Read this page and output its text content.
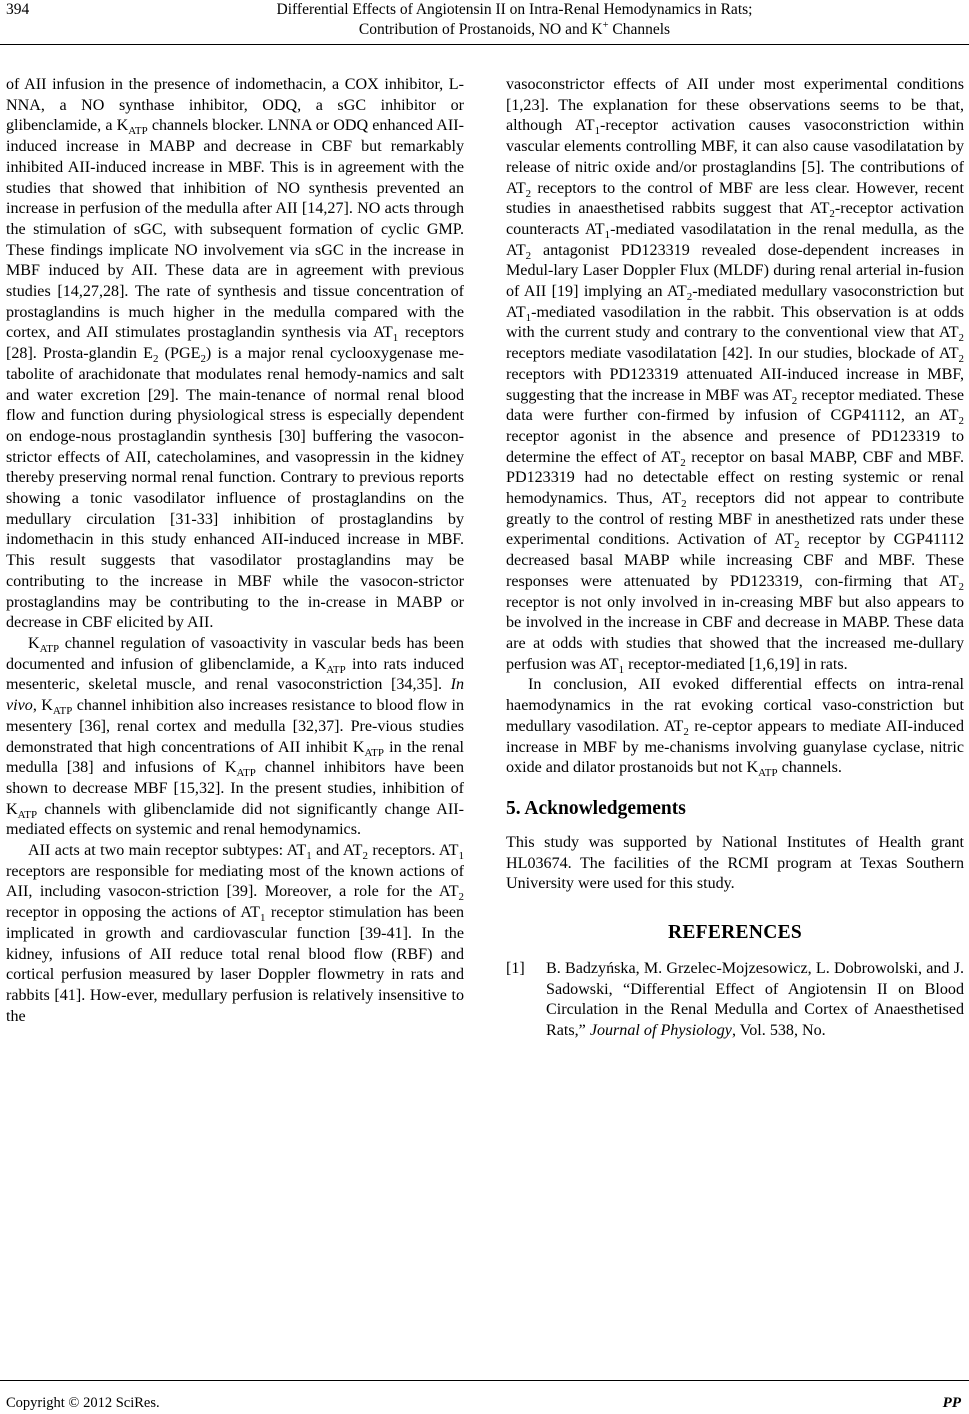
394	Differential Effects of Angiotensin II on Intra-Renal Hemodynamics in Rats;
Contribution of Prostanoids, NO and K+ Channels

of AII infusion in the presence of indomethacin, a COX inhibitor, L-NNA, a NO synthase inhibitor, ODQ, a sGC inhibitor or glibenclamide, a $K_{ATP}$ channels blocker. LNNA or ODQ enhanced AII-induced increase in MABP and decrease in CBF but remarkably inhibited AII-induced increase in MBF. This is in agreement with the studies that showed that inhibition of NO synthesis prevented an increase in perfusion of the medulla after AII [14,27]. NO acts through the stimulation of sGC, with subsequent formation of cyclic GMP. These findings implicate NO involvement via sGC in the increase in MBF induced by AII. These data are in agreement with previous studies [14,27,28]. The rate of synthesis and tissue concentration of prostaglandins is much higher in the medulla compared with the cortex, and AII stimulates prostaglandin synthesis via $AT_1$ receptors [28]. Prosta-glandin $E_2$ $(PGE_2)$ is a major renal cyclooxygenase me-tabolite of arachidonate that modulates renal hemody-namics and salt and water excretion [29]. The main-tenance of normal renal blood flow and function during physiological stress is especially dependent on endoge-nous prostaglandin synthesis [30] buffering the vasocon-strictor effects of AII, catecholamines, and vasopressin in the kidney thereby preserving normal renal function. Contrary to previous reports showing a tonic vasodilator influence of prostaglandins on the medullary circulation [31-33] inhibition of prostaglandins by indomethacin in this study enhanced AII-induced increase in MBF. This result suggests that vasodilator prostaglandins may be contributing to the increase in MBF while the vasocon-strictor prostaglandins may be contributing to the in-crease in MABP or decrease in CBF elicited by AII.

$K_{ATP}$ channel regulation of vasoactivity in vascular beds has been documented and infusion of glibenclamide, a $K_{ATP}$ into rats induced mesenteric, skeletal muscle, and renal vasoconstriction [34,35]. In vivo, $K_{ATP}$ channel inhibition also increases resistance to blood flow in mesentery [36], renal cortex and medulla [32,37]. Pre-vious studies demonstrated that high concentrations of AII inhibit $K_{ATP}$ in the renal medulla [38] and infusions of $K_{ATP}$ channel inhibitors have been shown to decrease MBF [15,32]. In the present studies, inhibition of $K_{ATP}$ channels with glibenclamide did not significantly change AII-mediated effects on systemic and renal hemodynamics.

AII acts at two main receptor subtypes: $AT_1$ and $AT_2$ receptors. $AT_1$ receptors are responsible for mediating most of the known actions of AII, including vasocon-striction [39]. Moreover, a role for the $AT_2$ receptor in opposing the actions of $AT_1$ receptor stimulation has been implicated in growth and cardiovascular function [39-41]. In the kidney, infusions of AII reduce total renal blood flow (RBF) and cortical perfusion measured by laser Doppler flowmetry in rats and rabbits [41]. How-ever, medullary perfusion is relatively insensitive to the

vasoconstrictor effects of AII under most experimental conditions [1,23]. The explanation for these observations seems to be that, although $AT_1$-receptor activation causes vasoconstriction within vascular elements controlling MBF, it can also cause vasodilatation by release of nitric oxide and/or prostaglandins [5]. The contributions of $AT_2$ receptors to the control of MBF are less clear. However, recent studies in anaesthetised rabbits suggest that $AT_2$-receptor activation counteracts $AT_1$-mediated vasodilatation in the renal medulla, as the $AT_2$ antagonist PD123319 revealed dose-dependent increases in Medul-lary Laser Doppler Flux (MLDF) during renal arterial in-fusion of AII [19] implying an $AT_2$-mediated medullary vasoconstriction but $AT_1$-mediated vasodilation in the rabbit. This observation is at odds with the current study and contrary to the conventional view that $AT_2$ receptors mediate vasodilatation [42]. In our studies, blockade of $AT_2$ receptors with PD123319 attenuated AII-induced increase in MBF, suggesting that the increase in MBF was $AT_2$ receptor mediated. These data were further con-firmed by infusion of CGP41112, an $AT_2$ receptor agonist in the absence and presence of PD123319 to determine the effect of $AT_2$ receptor on basal MABP, CBF and MBF. PD123319 had no detectable effect on resting systemic or renal hemodynamics. Thus, $AT_2$ receptors did not appear to contribute greatly to the control of resting MBF in anesthetized rats under these experimental conditions. Activation of $AT_2$ receptor by CGP41112 decreased basal MABP while increasing CBF and MBF. These responses were attenuated by PD123319, con-firming that $AT_2$ receptor is not only involved in in-creasing MBF but also appears to be involved in the increase in CBF and decrease in MABP. These data are at odds with studies that showed that the increased me-dullary perfusion was $AT_1$ receptor-mediated [1,6,19] in rats.

In conclusion, AII evoked differential effects on intra-renal haemodynamics in the rat evoking cortical vaso-constriction but medullary vasodilation. $AT_2$ re-ceptor appears to mediate AII-induced increase in MBF by me-chanisms involving guanylase cyclase, nitric oxide and dilator prostanoids but not $K_{ATP}$ channels.

5. Acknowledgements

This study was supported by National Institutes of Health grant HL03674. The facilities of the RCMI program at Texas Southern University were used for this study.

REFERENCES

[1] B. Badzyńska, M. Grzelec-Mojzesowicz, L. Dobrowolski, and J. Sadowski, “Differential Effect of Angiotensin II on Blood Circulation in the Renal Medulla and Cortex of Anaesthetised Rats,” Journal of Physiology, Vol. 538, No.

Copyright © 2012 SciRes.	PP
